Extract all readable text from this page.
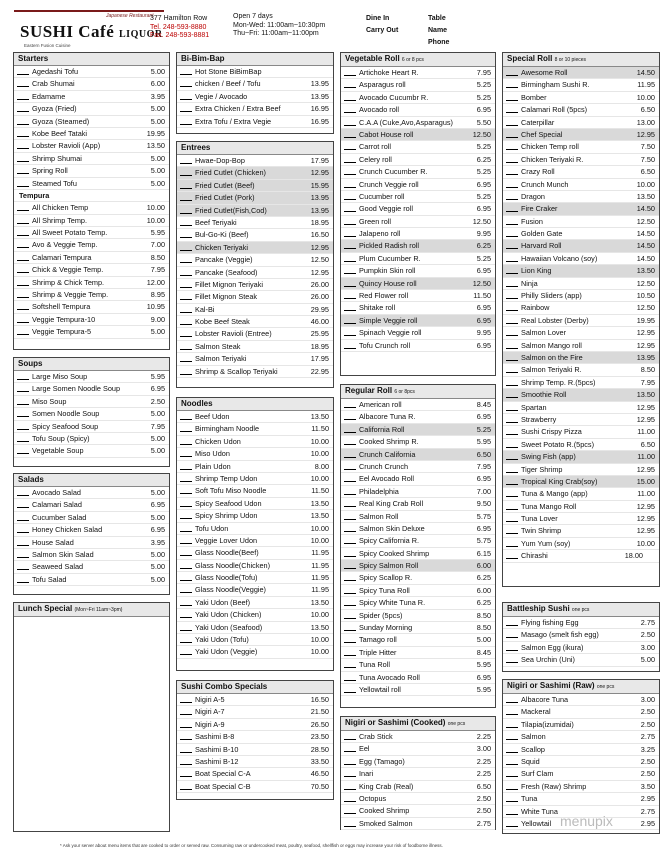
Japanese Restaurant
SUSHI Café LIQUOR
Eastern Fusion Cuisine
377 Hamilton Row
Tel. 248-593-8880
Fax. 248-593-8881
Open 7 days
Mon-Wed: 11:00am~10:30pm
Thu~Fri: 11:00am~11:00pm
Dine In
Carry Out
Table
Name
Phone
Starters
Agedashi Tofu	5.00
Crab Shumai	6.00
Edamame	3.95
Gyoza (Fried)	5.00
Gyoza (Steamed)	5.00
Kobe Beef Tataki	19.95
Lobster Ravioli (App)	13.50
Shrimp Shumai	5.00
Spring Roll	5.00
Steamed Tofu	5.00
Tempura
All Chicken Temp	10.00
All Shrimp Temp.	10.00
All Sweet Potato Temp.	5.95
Avo & Veggie Temp.	7.00
Calamari Tempura	8.50
Chick & Veggie Temp.	7.95
Shrimp & Chick Temp.	12.00
Shrimp & Veggie Temp.	8.95
Softshell Tempura	10.95
Veggie Tempura-10	9.00
Veggie Tempura-5	5.00
Soups
Large Miso Soup	5.95
Large Somen Noodle Soup	6.95
Miso Soup	2.50
Somen Noodle Soup	5.00
Spicy Seafood Soup	7.95
Tofu Soup (Spicy)	5.00
Vegetable Soup	5.00
Salads
Avocado Salad	5.00
Calamari Salad	6.95
Cucumber Salad	5.00
Honey Chicken Salad	6.95
House Salad	3.95
Salmon Skin Salad	5.00
Seaweed Salad	5.00
Tofu Salad	5.00
Lunch Special (Mon~Fri 11am~3pm)
Bi-Bim-Bap
Hot Stone BiBimBap
chicken / Beef / Tofu	13.95
Vegie / Avocado	13.95
Extra Chicken / Extra Beef	16.95
Extra Tofu / Extra Vegie	16.95
Entrees
Hwae-Dop-Bop	17.95
Fried Cutlet (Chicken)	12.95
Fried Cutlet (Beef)	15.95
Fried Cutlet (Pork)	13.95
Fried Cutlet(Fish,Cod)	13.95
Beef Teriyaki	18.95
Bul-Go-Ki (Beef)	16.50
Chicken Teriyaki	12.95
Pancake (Veggie)	12.50
Pancake (Seafood)	12.95
Fillet Mignon Teriyaki	26.00
Fillet Mignon Steak	26.00
Kal-Bi	29.95
Kobe Beef Steak	46.00
Lobster Ravioli (Entree)	25.95
Salmon Steak	18.95
Salmon Teriyaki	17.95
Shrimp & Scallop Teriyaki	22.95
Noodles
Beef Udon	13.50
Birmingham Noodle	11.50
Chicken Udon	10.00
Miso Udon	10.00
Plain Udon	8.00
Shrimp Temp Udon	10.00
Soft Tofu Miso Noodle	11.50
Spicy Seafood Udon	13.50
Spicy Shrimp Udon	13.50
Tofu Udon	10.00
Veggie Lover Udon	10.00
Glass Noodle(Beef)	11.95
Glass Noodle(Chicken)	11.95
Glass Noodle(Tofu)	11.95
Glass Noodle(Veggie)	11.95
Yaki Udon (Beef)	13.50
Yaki Udon (Chicken)	10.00
Yaki Udon (Seafood)	13.50
Yaki Udon (Tofu)	10.00
Yaki Udon (Veggie)	10.00
Sushi Combo Specials
Nigiri A-5	16.50
Nigiri A-7	21.50
Nigiri A-9	26.50
Sashimi B-8	23.50
Sashimi B-10	28.50
Sashimi B-12	33.50
Boat Special C-A	46.50
Boat Special C-B	70.50
Vegetable Roll 6 or 8 pcs
Artichoke Heart R.	7.95
Asparagus roll	5.25
Avocado Cucumbr R.	5.25
Avocado roll	6.95
C.A.A (Cuke,Avo,Asparagus)	5.50
Cabot House roll	12.50
Carrot roll	5.25
Celery roll	6.25
Crunch Cucumber R.	5.25
Crunch Veggie roll	6.95
Cucumber roll	5.25
Good Veggie roll	6.95
Green roll	12.50
Jalapeno roll	9.95
Pickled Radish roll	6.25
Plum Cucumber R.	5.25
Pumpkin Skin roll	6.95
Quincy House roll	12.50
Red Flower roll	11.50
Shitake roll	6.95
Simple Veggie roll	6.95
Spinach Veggie roll	9.95
Tofu Crunch roll	6.95
Regular Roll 6 or 8pcs
American roll	8.45
Albacore Tuna R.	6.95
California Roll	5.25
Cooked Shrimp R.	5.95
Crunch California	6.50
Crunch Crunch	7.95
Eel Avocado Roll	6.95
Philadelphia	7.00
Real King Crab Roll	9.50
Salmon Roll	5.75
Salmon Skin Deluxe	6.95
Spicy California R.	5.75
Spicy Cooked Shrimp	6.15
Spicy Salmon Roll	6.00
Spicy Scallop R.	6.25
Spicy Tuna Roll	6.00
Spicy White Tuna R.	6.25
Spider (5pcs)	8.50
Sunday Morning	8.50
Tamago roll	5.00
Triple Hitter	8.45
Tuna Roll	5.95
Tuna Avocado Roll	6.95
Yellowtail roll	5.95
Nigiri or Sashimi (Cooked) one pcs
Crab Stick	2.25
Eel	3.00
Egg (Tamago)	2.25
Inari	2.25
King Crab (Real)	6.50
Octopus	2.50
Cooked Shrimp	2.50
Smoked Salmon	2.75
Special Roll 8 or 10 pieces
Awesome Roll	14.50
Birmingham Sushi R.	11.95
Bomber	10.00
Calamari Roll (5pcs)	6.50
Caterpillar	13.00
Chef Special	12.95
Chicken Temp roll	7.50
Chicken Teriyaki R.	7.50
Crazy Roll	6.50
Crunch Munch	10.00
Dragon	13.50
Fire Craker	14.50
Fusion	12.50
Golden Gate	14.50
Harvard Roll	14.50
Hawaiian Volcano (soy)	14.50
Lion King	13.50
Ninja	12.50
Philly Sliders (app)	10.50
Rainbow	12.50
Real Lobster (Derby)	19.95
Salmon Lover	12.95
Salmon Mango roll	12.95
Salmon on the Fire	13.95
Salmon Teriyaki R.	8.50
Shrimp Temp. R.(5pcs)	7.95
Smoothie Roll	13.50
Spartan	12.95
Strawberry	12.95
Sushi Crispy Pizza	11.00
Sweet Potato R.(5pcs)	6.50
Swing Fish (app)	11.00
Tiger Shrimp	12.95
Tropical King Crab(soy)	15.00
Tuna & Mango (app)	11.00
Tuna Mango Roll	12.95
Tuna Lover	12.95
Twin Shrimp	12.95
Yum Yum (soy)	10.00
Chirashi	18.00
Battleship Sushi one pcs
Flying fishing Egg	2.75
Masago (smelt fish egg)	2.50
Salmon Egg (ikura)	3.00
Sea Urchin (Uni)	5.00
Nigiri or Sashimi (Raw) one pcs
Albacore Tuna	3.00
Mackeral	2.50
Tilapia(izumidai)	2.50
Salmon	2.75
Scallop	3.25
Squid	2.50
Surf Clam	2.50
Fresh (Raw) Shrimp	3.50
Tuna	2.95
White Tuna	2.75
Yellowtail	2.95
* Ask your server about menu items that are cooked to order or served raw. Consuming raw or undercooked meat, poultry, seafood, shellfish or eggs may increase your risk of foodborne illness.
menupix
